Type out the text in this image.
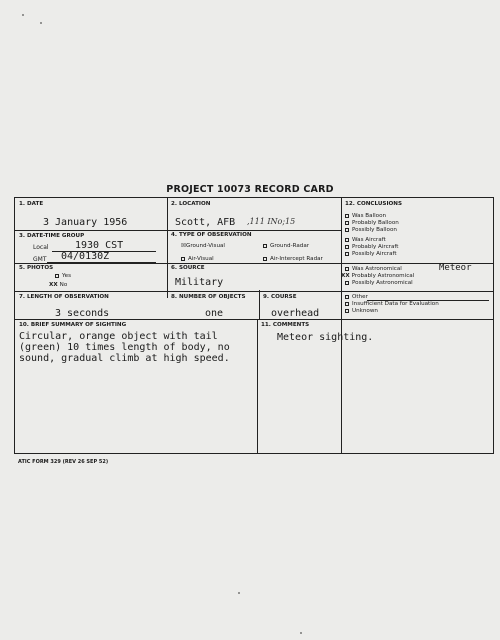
PROJECT 10073 RECORD CARD
1. DATE
3 January 1956
2. LOCATION
Scott, AFB ,111 INo;15
3. DATE-TIME GROUP
Local	1930 CST
GMT 04/0130Z
4. TYPE OF OBSERVATION
☒Ground-Visual	Ground-Radar
Air-Visual	Air-Intercept Radar
5. PHOTOS
Yes
XX No
6. SOURCE
Military
7. LENGTH OF OBSERVATION
3 seconds
8. NUMBER OF OBJECTS
one
9. COURSE
overhead
10. BRIEF SUMMARY OF SIGHTING
Circular, orange object with tail
(green) 10 times length of body, no
sound, gradual climb at high speed.
11. COMMENTS
Meteor sighting.
12. CONCLUSIONS
Was Balloon
Probably Balloon
Possibly Balloon
Was Aircraft
Probably Aircraft
Possibly Aircraft
Was Astronomical	Meteor
XX Probably Astronomical
Possibly Astronomical
Other
Insufficient Data for Evaluation
Unknown
ATIC FORM 329 (REV 26 SEP 52)
